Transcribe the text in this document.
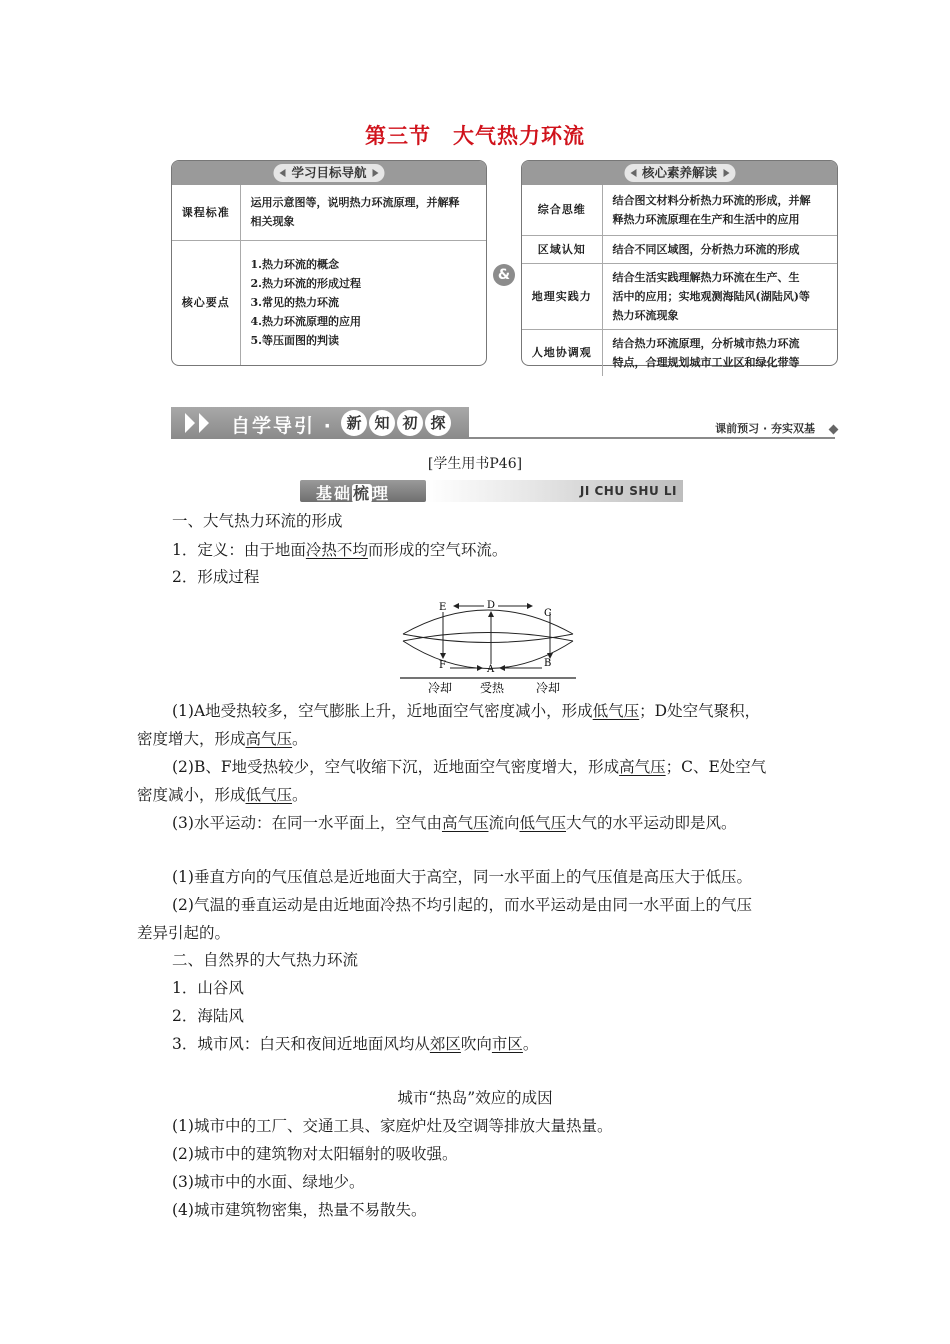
第三节　大气热力环流
学习目标导航
课程标准	运用示意图等，说明热力环流原理，并解释
相关现象

核心要点	1.热力环流的概念
2.热力环流的形成过程
3.常见的热力环流
4.热力环流原理的应用
5.等压面图的判读
&
核心素养解读
综合思维	结合图文材料分析热力环流的形成，并解
释热力环流原理在生产和生活中的应用

区域认知	结合不同区域图，分析热力环流的形成

地理实践力	结合生活实践理解热力环流在生产、生
活中的应用；实地观测海陆风(湖陆风)等
热力环流现象

人地协调观	结合热力环流原理，分析城市热力环流
特点，合理规划城市工业区和绿化带等
自学导引 · 新 知 初 探	课前预习 · 夯实双基
[学生用书P46]
基础梳理	JI CHU SHU LI
一、大气热力环流的形成
1．定义：由于地面冷热不均而形成的空气环流。
2．形成过程
E	D
C
F	A
B
冷却 受热	冷却
(1)A地受热较多，空气膨胀上升，近地面空气密度减小，形成低气压；D处空气聚积，
密度增大，形成高气压。
(2)B、F地受热较少，空气收缩下沉，近地面空气密度增大，形成高气压；C、E处空气
密度减小，形成低气压。
(3)水平运动：在同一水平面上，空气由高气压流向低气压大气的水平运动即是风。
(1)垂直方向的气压值总是近地面大于高空，同一水平面上的气压值是高压大于低压。
(2)气温的垂直运动是由近地面冷热不均引起的，而水平运动是由同一水平面上的气压
差异引起的。
二、自然界的大气热力环流
1．山谷风
2．海陆风
3．城市风：白天和夜间近地面风均从郊区吹向市区。
城市“热岛”效应的成因
(1)城市中的工厂、交通工具、家庭炉灶及空调等排放大量热量。
(2)城市中的建筑物对太阳辐射的吸收强。
(3)城市中的水面、绿地少。
(4)城市建筑物密集，热量不易散失。
